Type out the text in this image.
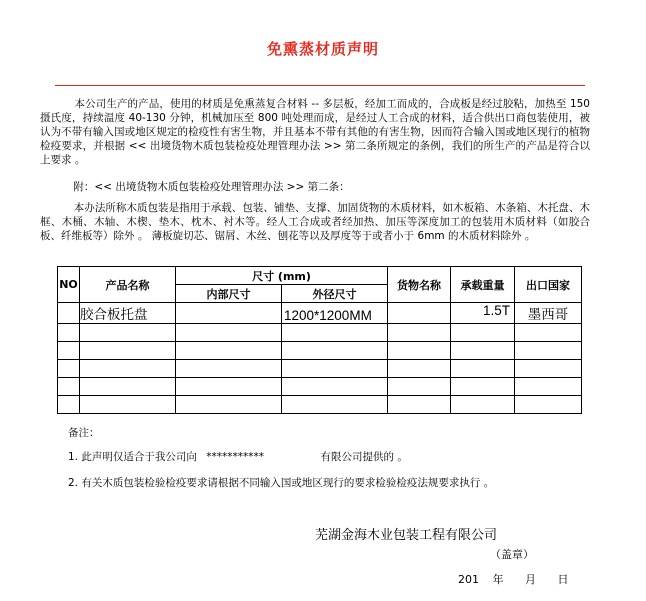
免熏蒸材质声明
本公司生产的产品，使用的材质是免熏蒸复合材料 -- 多层板，经加工而成的，合成板是经过胶粘，加热至 150 摄氏度，持续温度 40-130 分钟，机械加压至 800 吨处理而成，是经过人工合成的材料，适合供出口商包装使用，被认为不带有输入国或地区规定的检疫性有害生物，并且基本不带有其他的有害生物，因而符合输入国或地区现行的植物检疫要求，并根据 << 出境货物木质包装检疫处理管理办法 >> 第二条所规定的条例，我们的所生产的产品是符合以上要求 。
附：<< 出境货物木质包装检疫处理管理办法 >> 第二条：
本办法所称木质包装是指用于承载、包装、铺垫、支撑、加固货物的木质材料，如木板箱、木条箱、木托盘、木框、木桶、木轴、木楔、垫木、枕木、衬木等。经人工合成或者经加热、加压等深度加工的包装用木质材料（如胶合板、纤维板等）除外 。 薄板旋切芯、锯屑、木丝、刨花等以及厚度等于或者小于 6mm 的木质材料除外 。
NO	产品名称	尺寸 (mm)		货物名称	承载重量	出口国家
		内部尺寸	外径尺寸			
	胶合板托盘		1200*1200MM		1.5T	墨西哥

备注：
1. 此声明仅适合于我公司向 ***********	有限公司提供的 。
2. 有关木质包装检验检疫要求请根据不同输入国或地区现行的要求检验检疫法规要求执行 。
芜湖金海木业包装工程有限公司
（盖章）
201 年 月 日
